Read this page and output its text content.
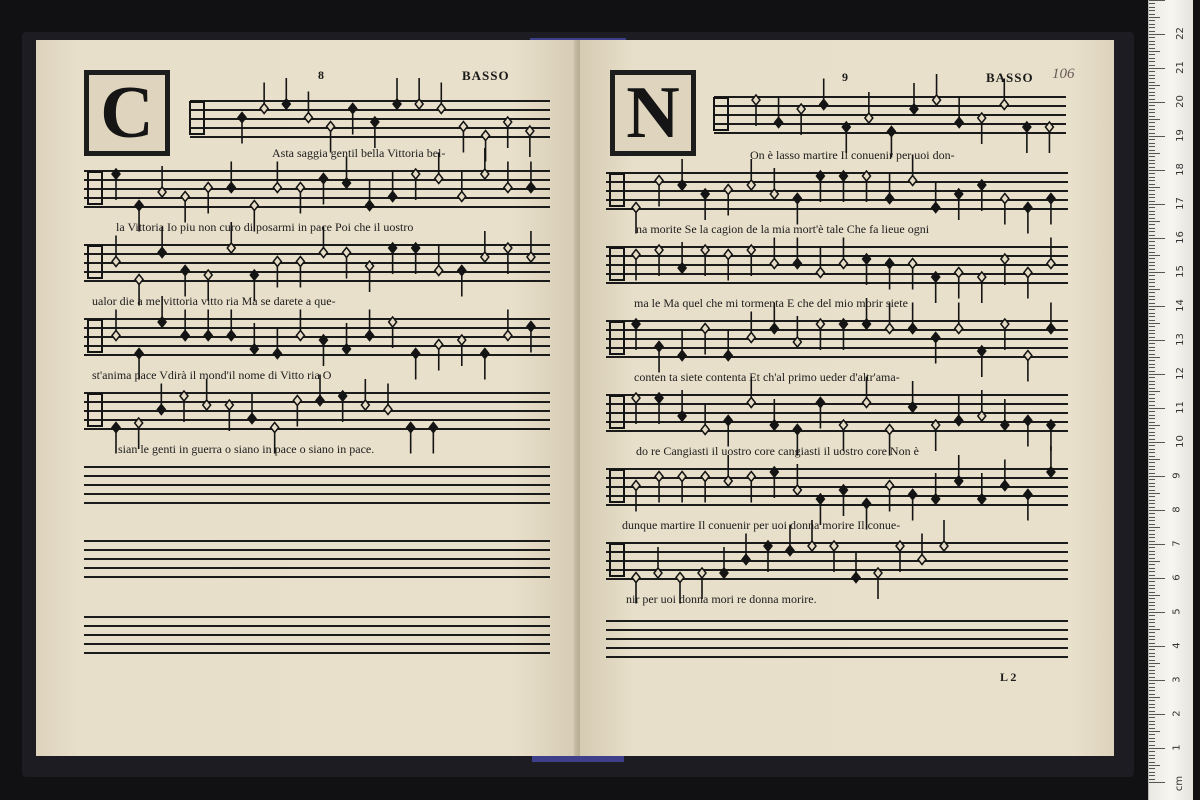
C	8	BASSO N	9	BASSO 106
Asta saggia gentil bella Vittoria bel-
la Vittoria Io piu non curo di posarmi in pace Poi che il uostro
ualor die a me vittoria vitto ria Ma se darete a que-
st'anima pace Vdirà il mond'il nome di Vitto ria O
sian le genti in guerra o siano in pace o siano in pace.
On è lasso martire Il conuenir per uoi don-
na morite Se la cagion de la mia mort'è tale Che fa lieue ogni
ma le Ma quel che mi tormenta E che del mio morir siete
conten ta siete contenta Et ch'al primo ueder d'altr'ama-
do re Cangiasti il uostro core cangiasti il uostro core Non è
dunque martire Il conuenir per uoi donna morire Il conue-
nir per uoi donna mori re donna morire.
L 2
22
21
20
19
18
17
16
15
14
13
12
11
10
9
8
7
6
5
4
3
2
1
cm
